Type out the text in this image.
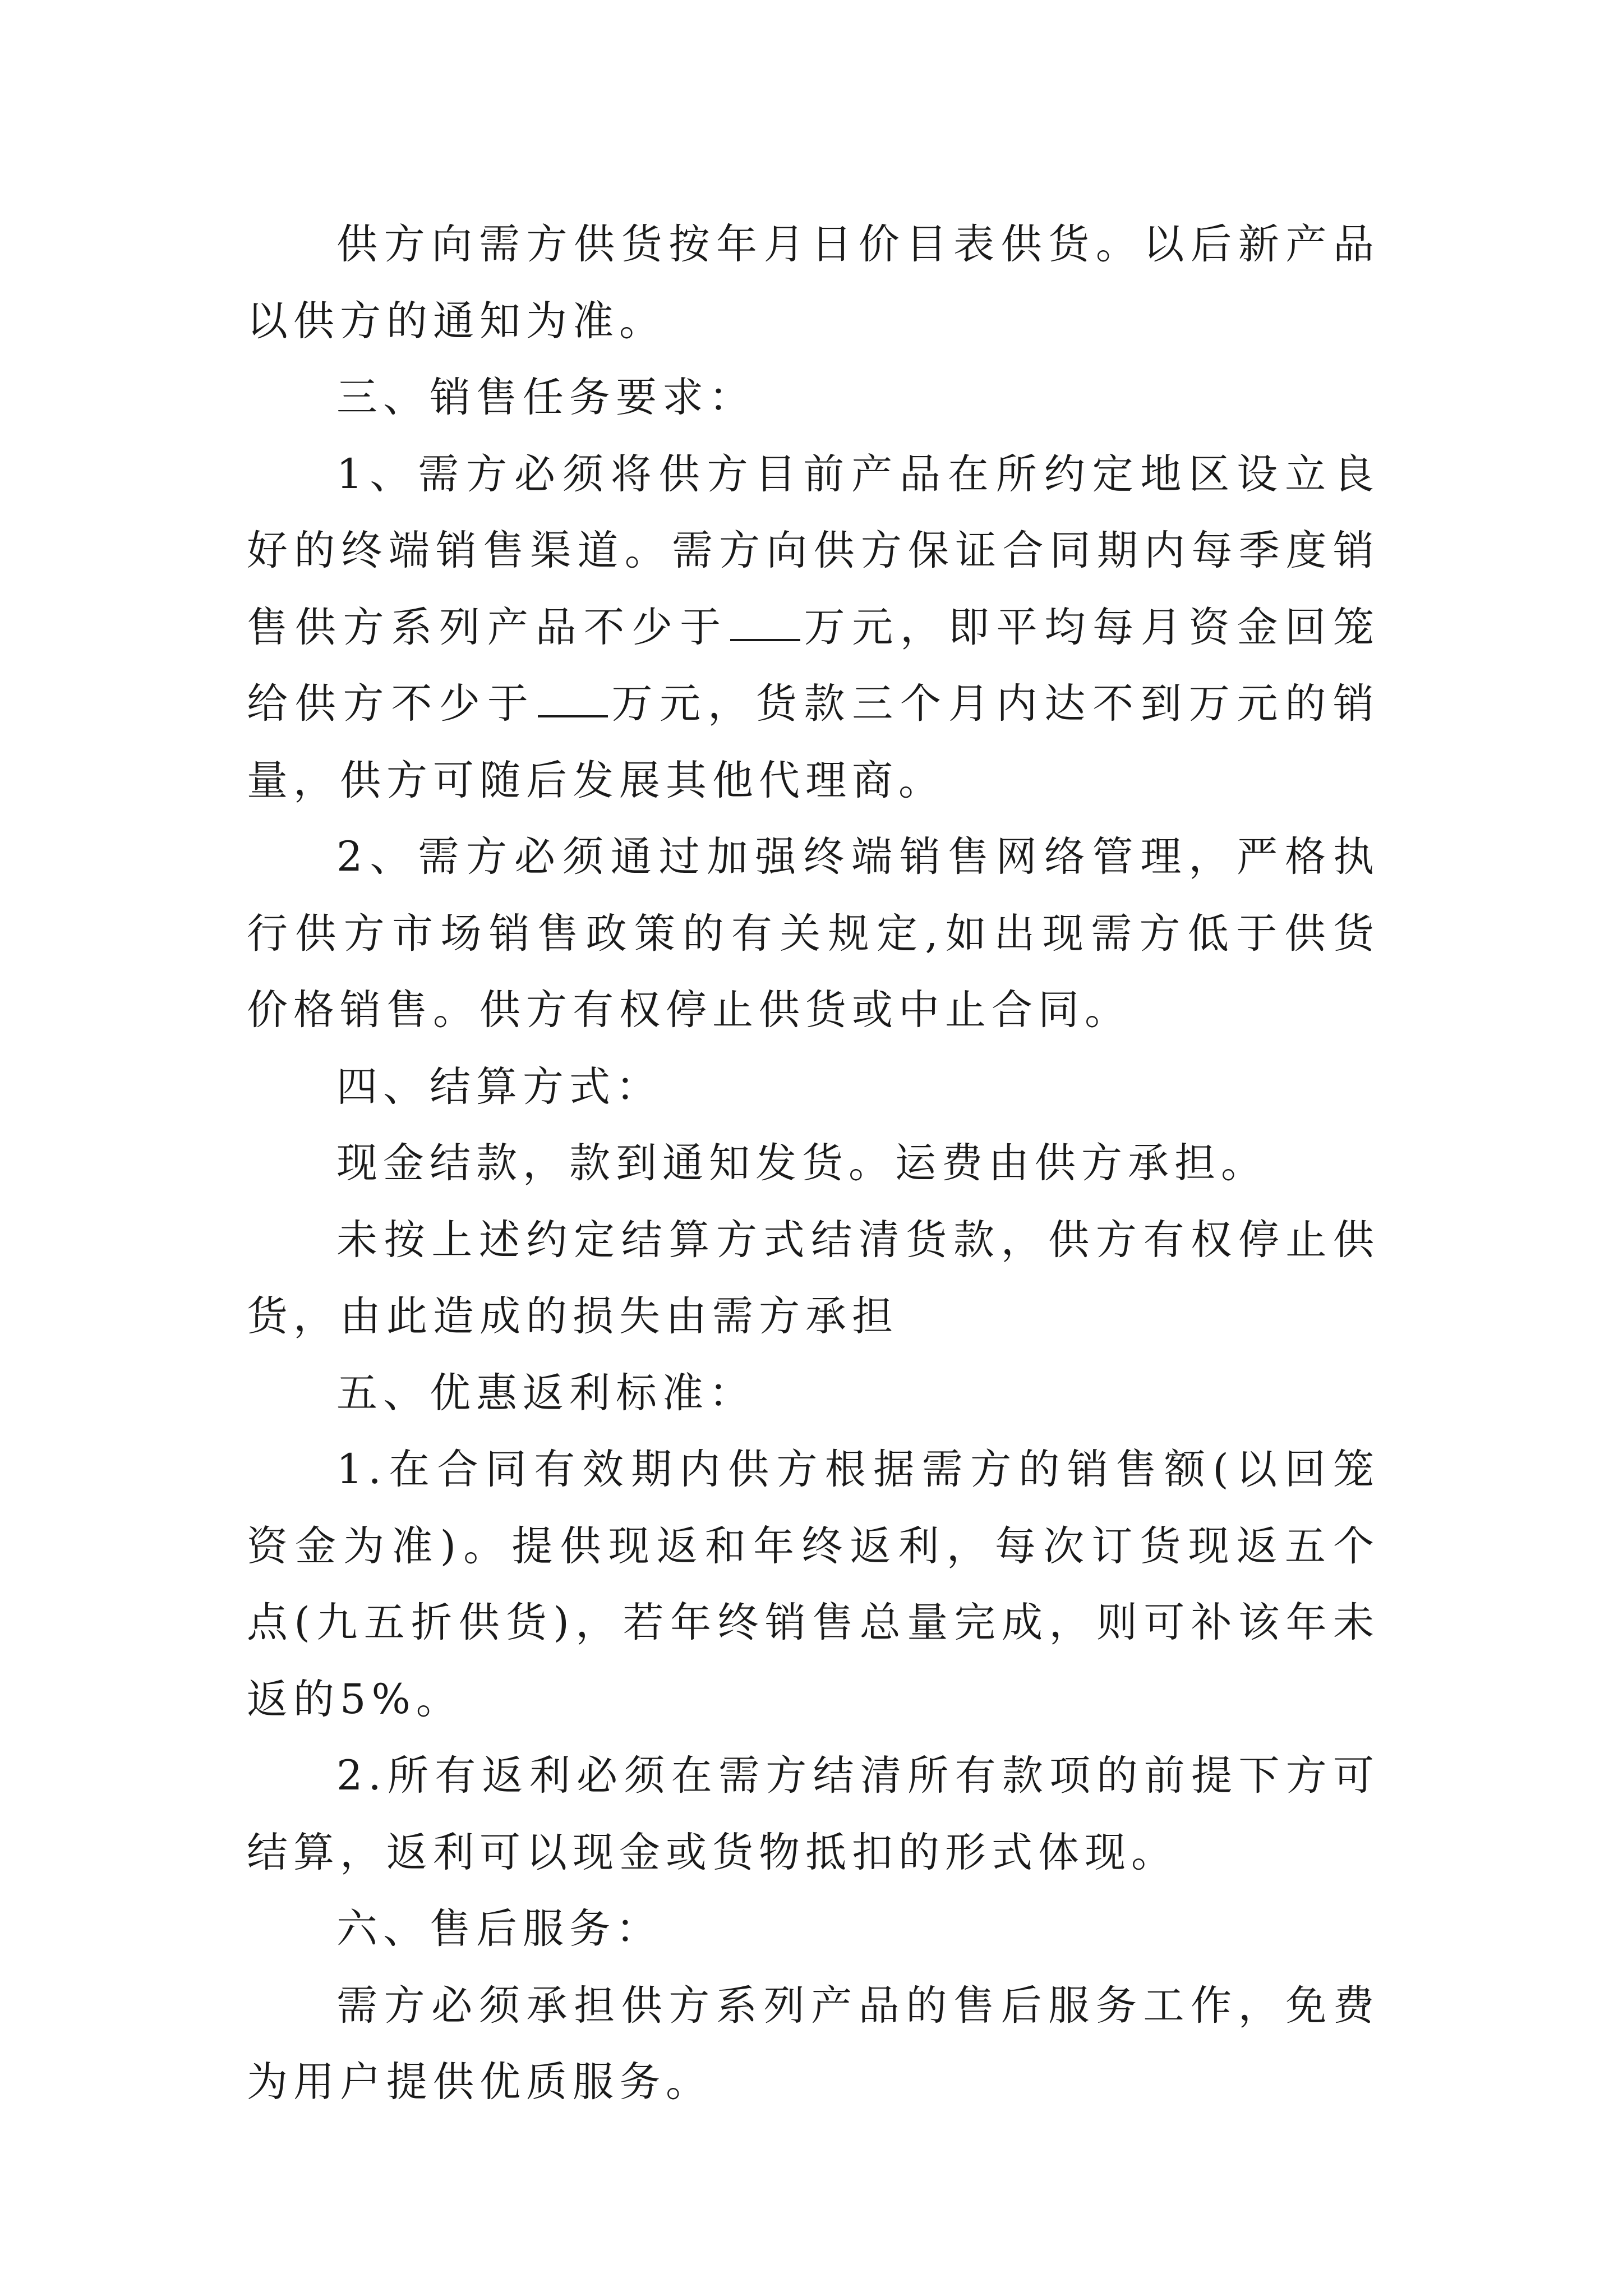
供方向需方供货按年月日价目表供货。以后新产品以供方的通知为准。

三、销售任务要求：

1、需方必须将供方目前产品在所约定地区设立良好的终端销售渠道。需方向供方保证合同期内每季度销售供方系列产品不少于 万元，即平均每月资金回笼给供方不少于 万元，货款三个月内达不到万元的销量，供方可随后发展其他代理商。

2、需方必须通过加强终端销售网络管理，严格执行供方市场销售政策的有关规定,如出现需方低于供货价格销售。供方有权停止供货或中止合同。

四、结算方式：

现金结款，款到通知发货。运费由供方承担。

未按上述约定结算方式结清货款，供方有权停止供货，由此造成的损失由需方承担

五、优惠返利标准：

1.在合同有效期内供方根据需方的销售额(以回笼资金为准)。提供现返和年终返利，每次订货现返五个点(九五折供货)，若年终销售总量完成，则可补该年未返的5%。

2.所有返利必须在需方结清所有款项的前提下方可结算，返利可以现金或货物抵扣的形式体现。

六、售后服务：

需方必须承担供方系列产品的售后服务工作，免费为用户提供优质服务。
